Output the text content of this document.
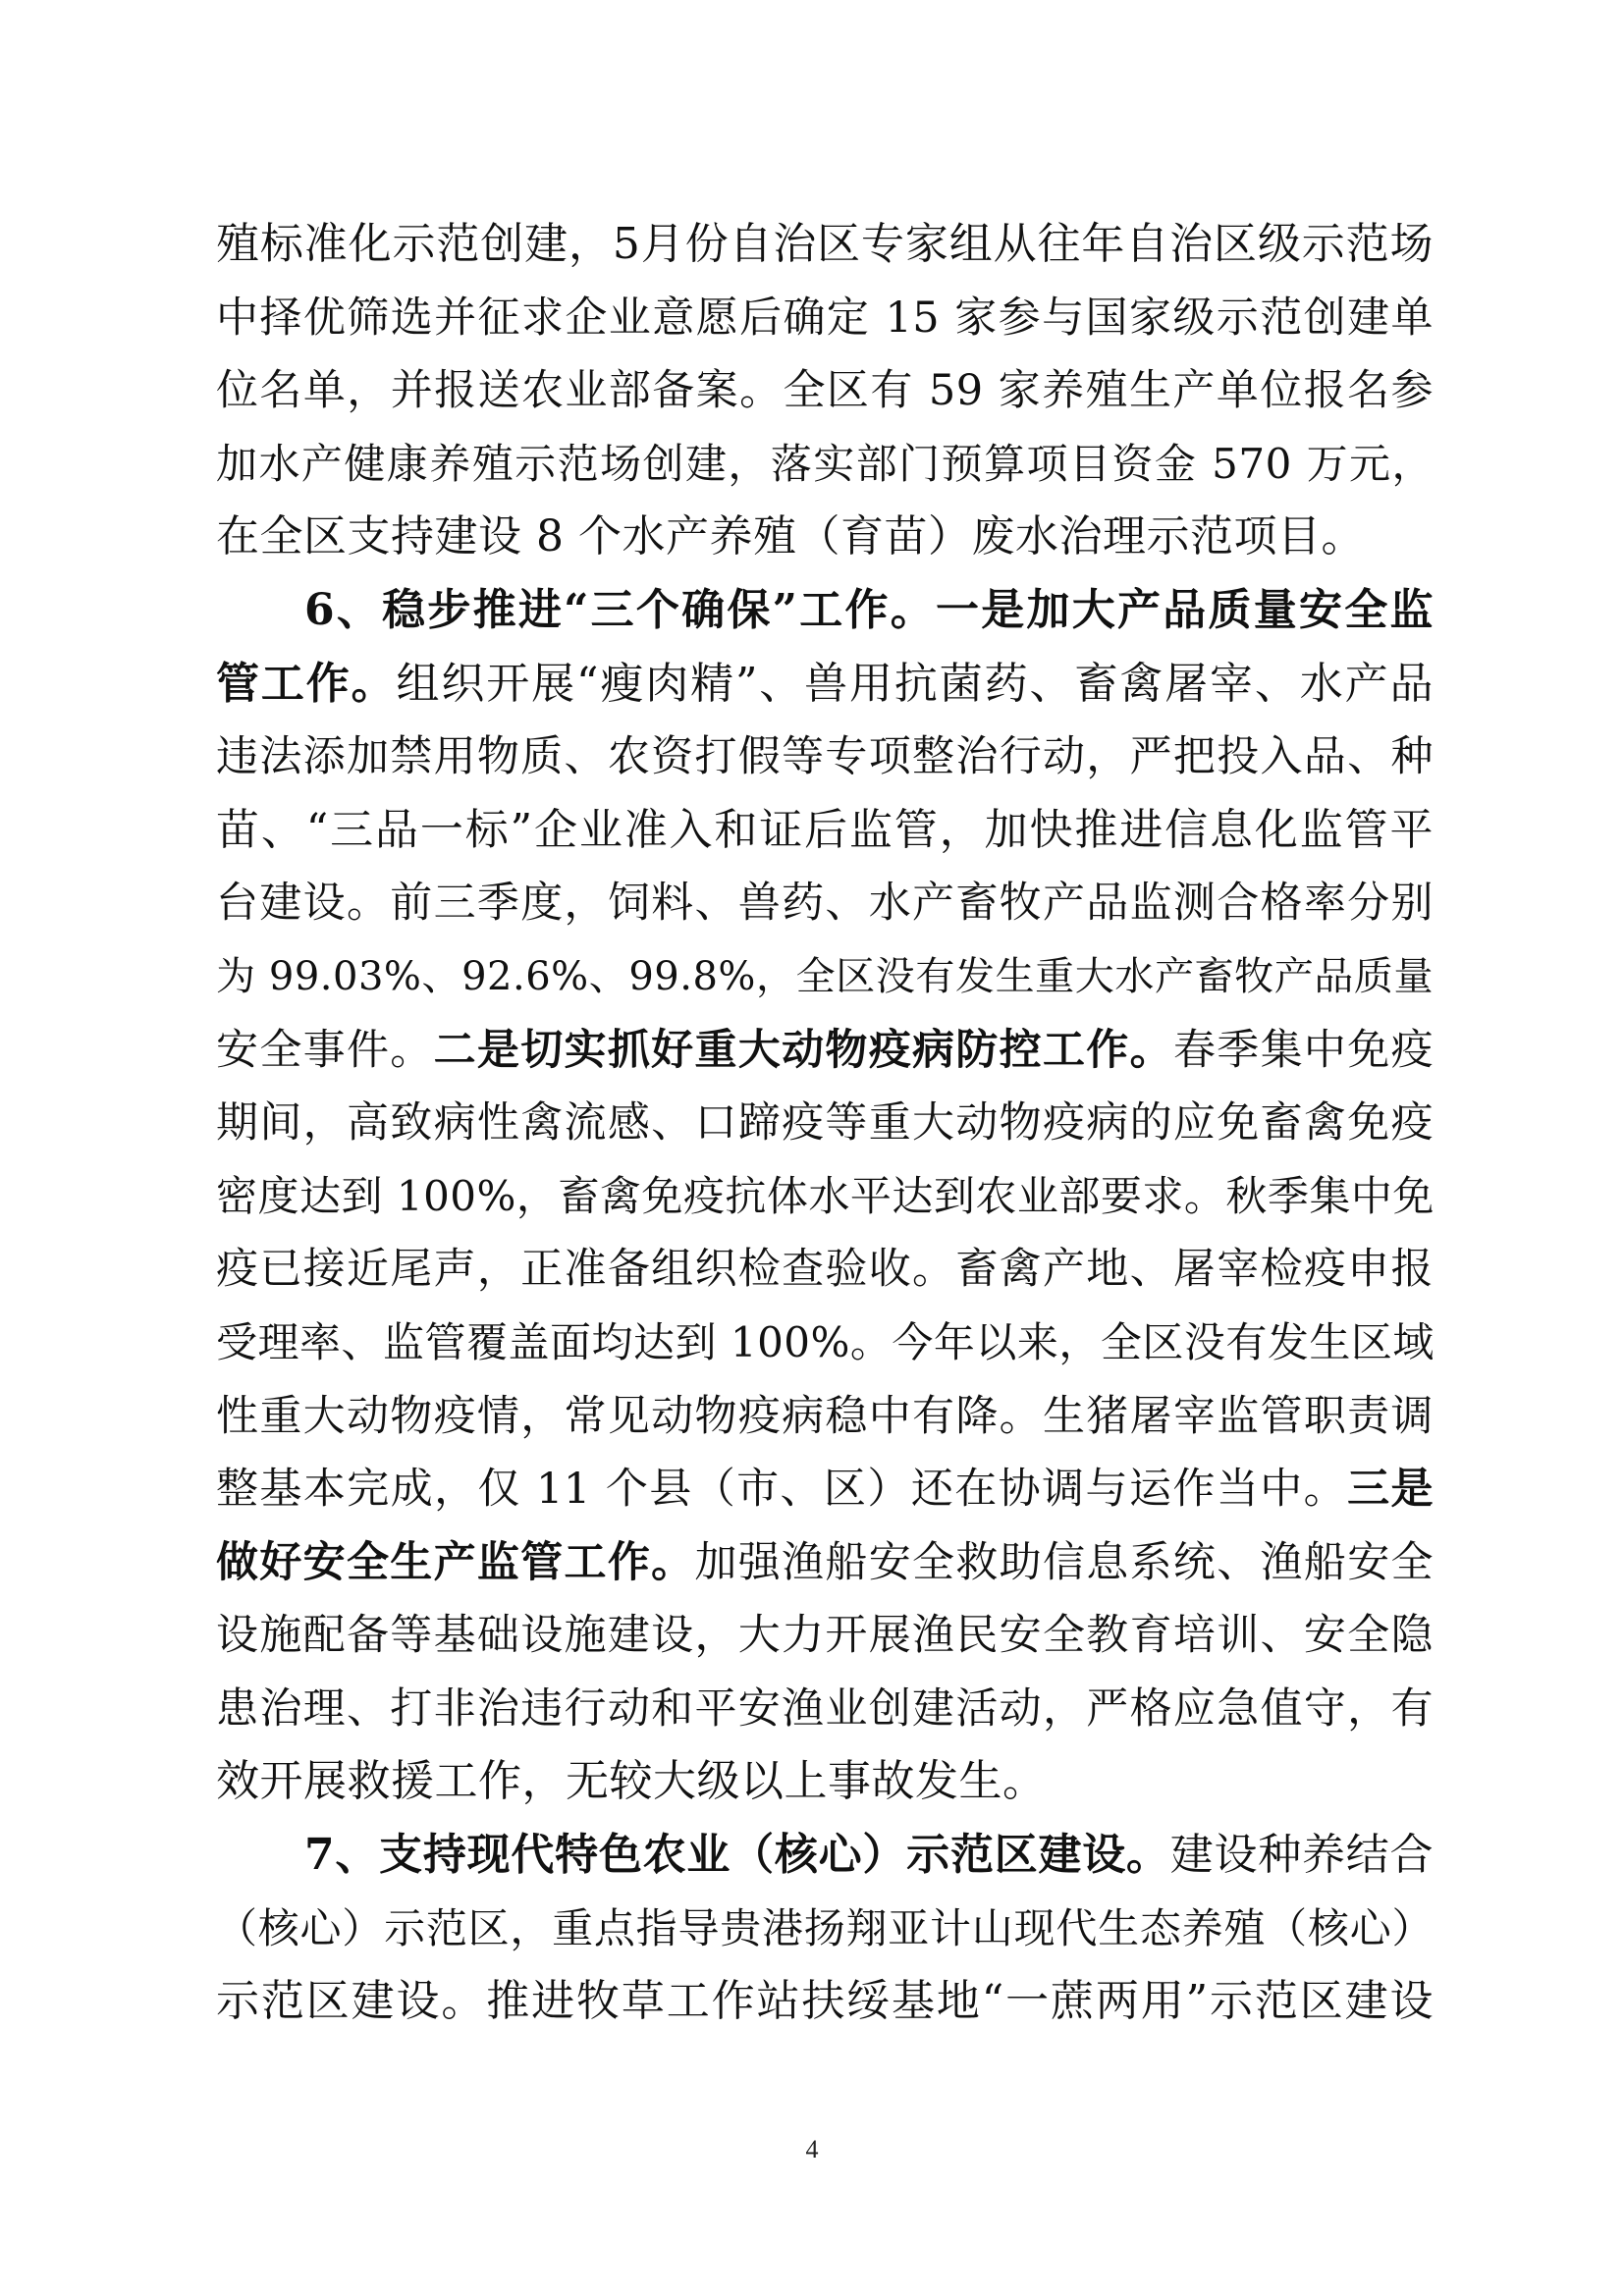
殖标准化示范创建，5月份自治区专家组从往年自治区级示范场
中择优筛选并征求企业意愿后确定 15 家参与国家级示范创建单
位名单，并报送农业部备案。全区有 59 家养殖生产单位报名参
加水产健康养殖示范场创建，落实部门预算项目资金 570 万元，
在全区支持建设 8 个水产养殖（育苗）废水治理示范项目。
6、稳步推进“三个确保”工作。一是加大产品质量安全监
管工作。组织开展“瘦肉精”、兽用抗菌药、畜禽屠宰、水产品
违法添加禁用物质、农资打假等专项整治行动，严把投入品、种
苗、“三品一标”企业准入和证后监管，加快推进信息化监管平
台建设。前三季度，饲料、兽药、水产畜牧产品监测合格率分别
为 99.03%、92.6%、99.8%，全区没有发生重大水产畜牧产品质量
安全事件。二是切实抓好重大动物疫病防控工作。春季集中免疫
期间，高致病性禽流感、口蹄疫等重大动物疫病的应免畜禽免疫
密度达到 100%，畜禽免疫抗体水平达到农业部要求。秋季集中免
疫已接近尾声，正准备组织检查验收。畜禽产地、屠宰检疫申报
受理率、监管覆盖面均达到 100%。今年以来，全区没有发生区域
性重大动物疫情，常见动物疫病稳中有降。生猪屠宰监管职责调
整基本完成，仅 11 个县（市、区）还在协调与运作当中。三是
做好安全生产监管工作。加强渔船安全救助信息系统、渔船安全
设施配备等基础设施建设，大力开展渔民安全教育培训、安全隐
患治理、打非治违行动和平安渔业创建活动，严格应急值守，有
效开展救援工作，无较大级以上事故发生。
7、支持现代特色农业（核心）示范区建设。建设种养结合
（核心）示范区，重点指导贵港扬翔亚计山现代生态养殖（核心）
示范区建设。推进牧草工作站扶绥基地“一蔗两用”示范区建设
4
